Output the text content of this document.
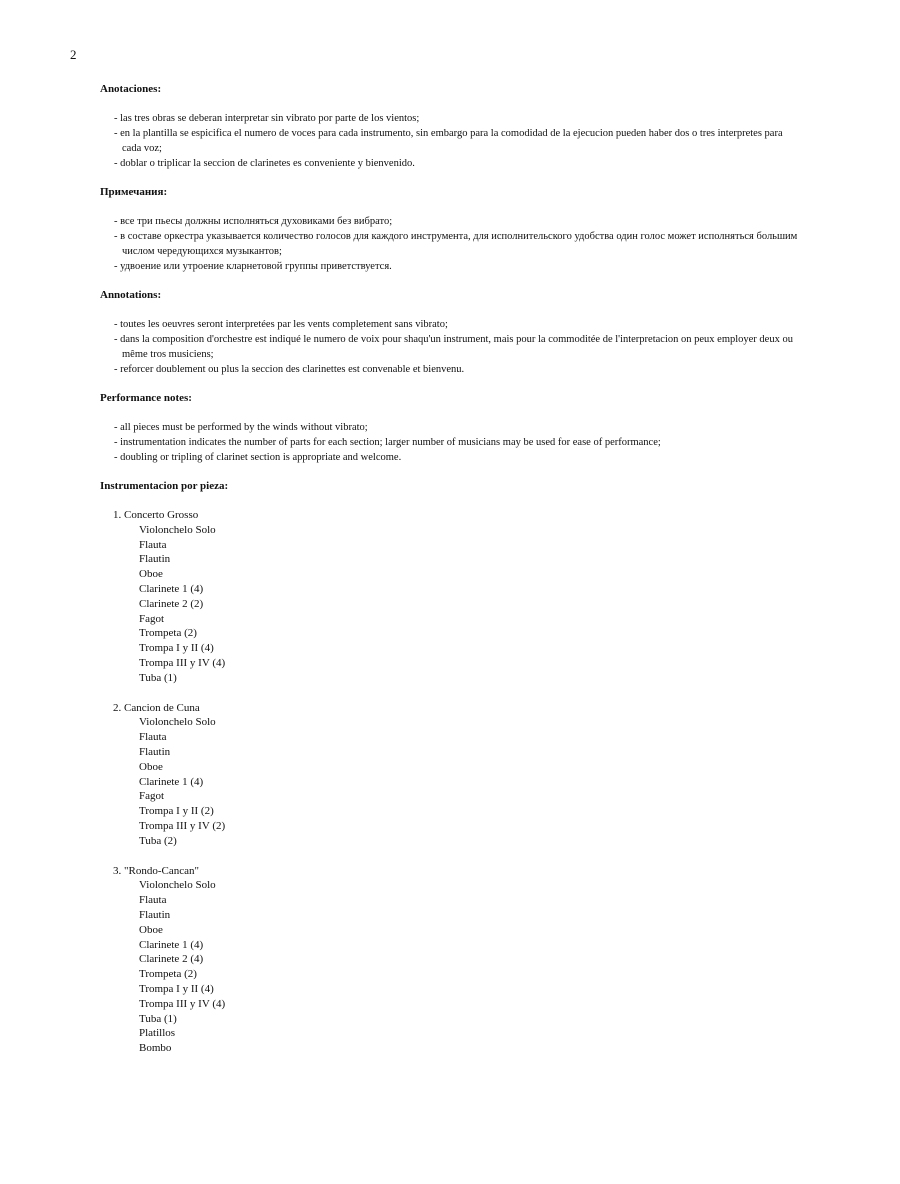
2
Anotaciones:
- las tres obras se deberan interpretar sin vibrato por parte de los vientos;
- en la plantilla se espicifica el numero de voces para cada instrumento, sin embargo para la comodidad de la ejecucion pueden haber dos o tres interpretes para cada voz;
- doblar o triplicar la seccion de clarinetes es conveniente y bienvenido.
Примечания:
- все три пьесы должны исполняться духовиками без вибрато;
- в составе оркестра указывается количество голосов для каждого инструмента, для исполнительского удобства один голос может исполняться большим числом чередующихся музыкантов;
- удвоение или утроение кларнетовой группы приветствуется.
Annotations:
- toutes les oeuvres seront interpretées par les vents completement sans vibrato;
- dans la composition d'orchestre est indiqué le numero de voix pour shaqu'un instrument, mais pour la commoditée de l'interpretacion on peux employer deux ou même tros musiciens;
- reforcer doublement ou plus la seccion des clarinettes est convenable et bienvenu.
Performance notes:
- all pieces must be performed by the winds without vibrato;
- instrumentation indicates the number of parts for each section; larger number of musicians may be used for ease of performance;
- doubling or tripling of clarinet section is appropriate and welcome.
Instrumentacion por pieza:
1. Concerto Grosso
Violonchelo Solo
Flauta
Flautin
Oboe
Clarinete 1 (4)
Clarinete 2 (2)
Fagot
Trompeta (2)
Trompa I y II (4)
Trompa III y IV (4)
Tuba (1)
2. Cancion de Cuna
Violonchelo Solo
Flauta
Flautin
Oboe
Clarinete 1 (4)
Fagot
Trompa I y II (2)
Trompa III y IV (2)
Tuba (2)
3. "Rondo-Cancan"
Violonchelo Solo
Flauta
Flautin
Oboe
Clarinete 1 (4)
Clarinete 2 (4)
Trompeta (2)
Trompa I y II (4)
Trompa III y IV (4)
Tuba (1)
Platillos
Bombo
